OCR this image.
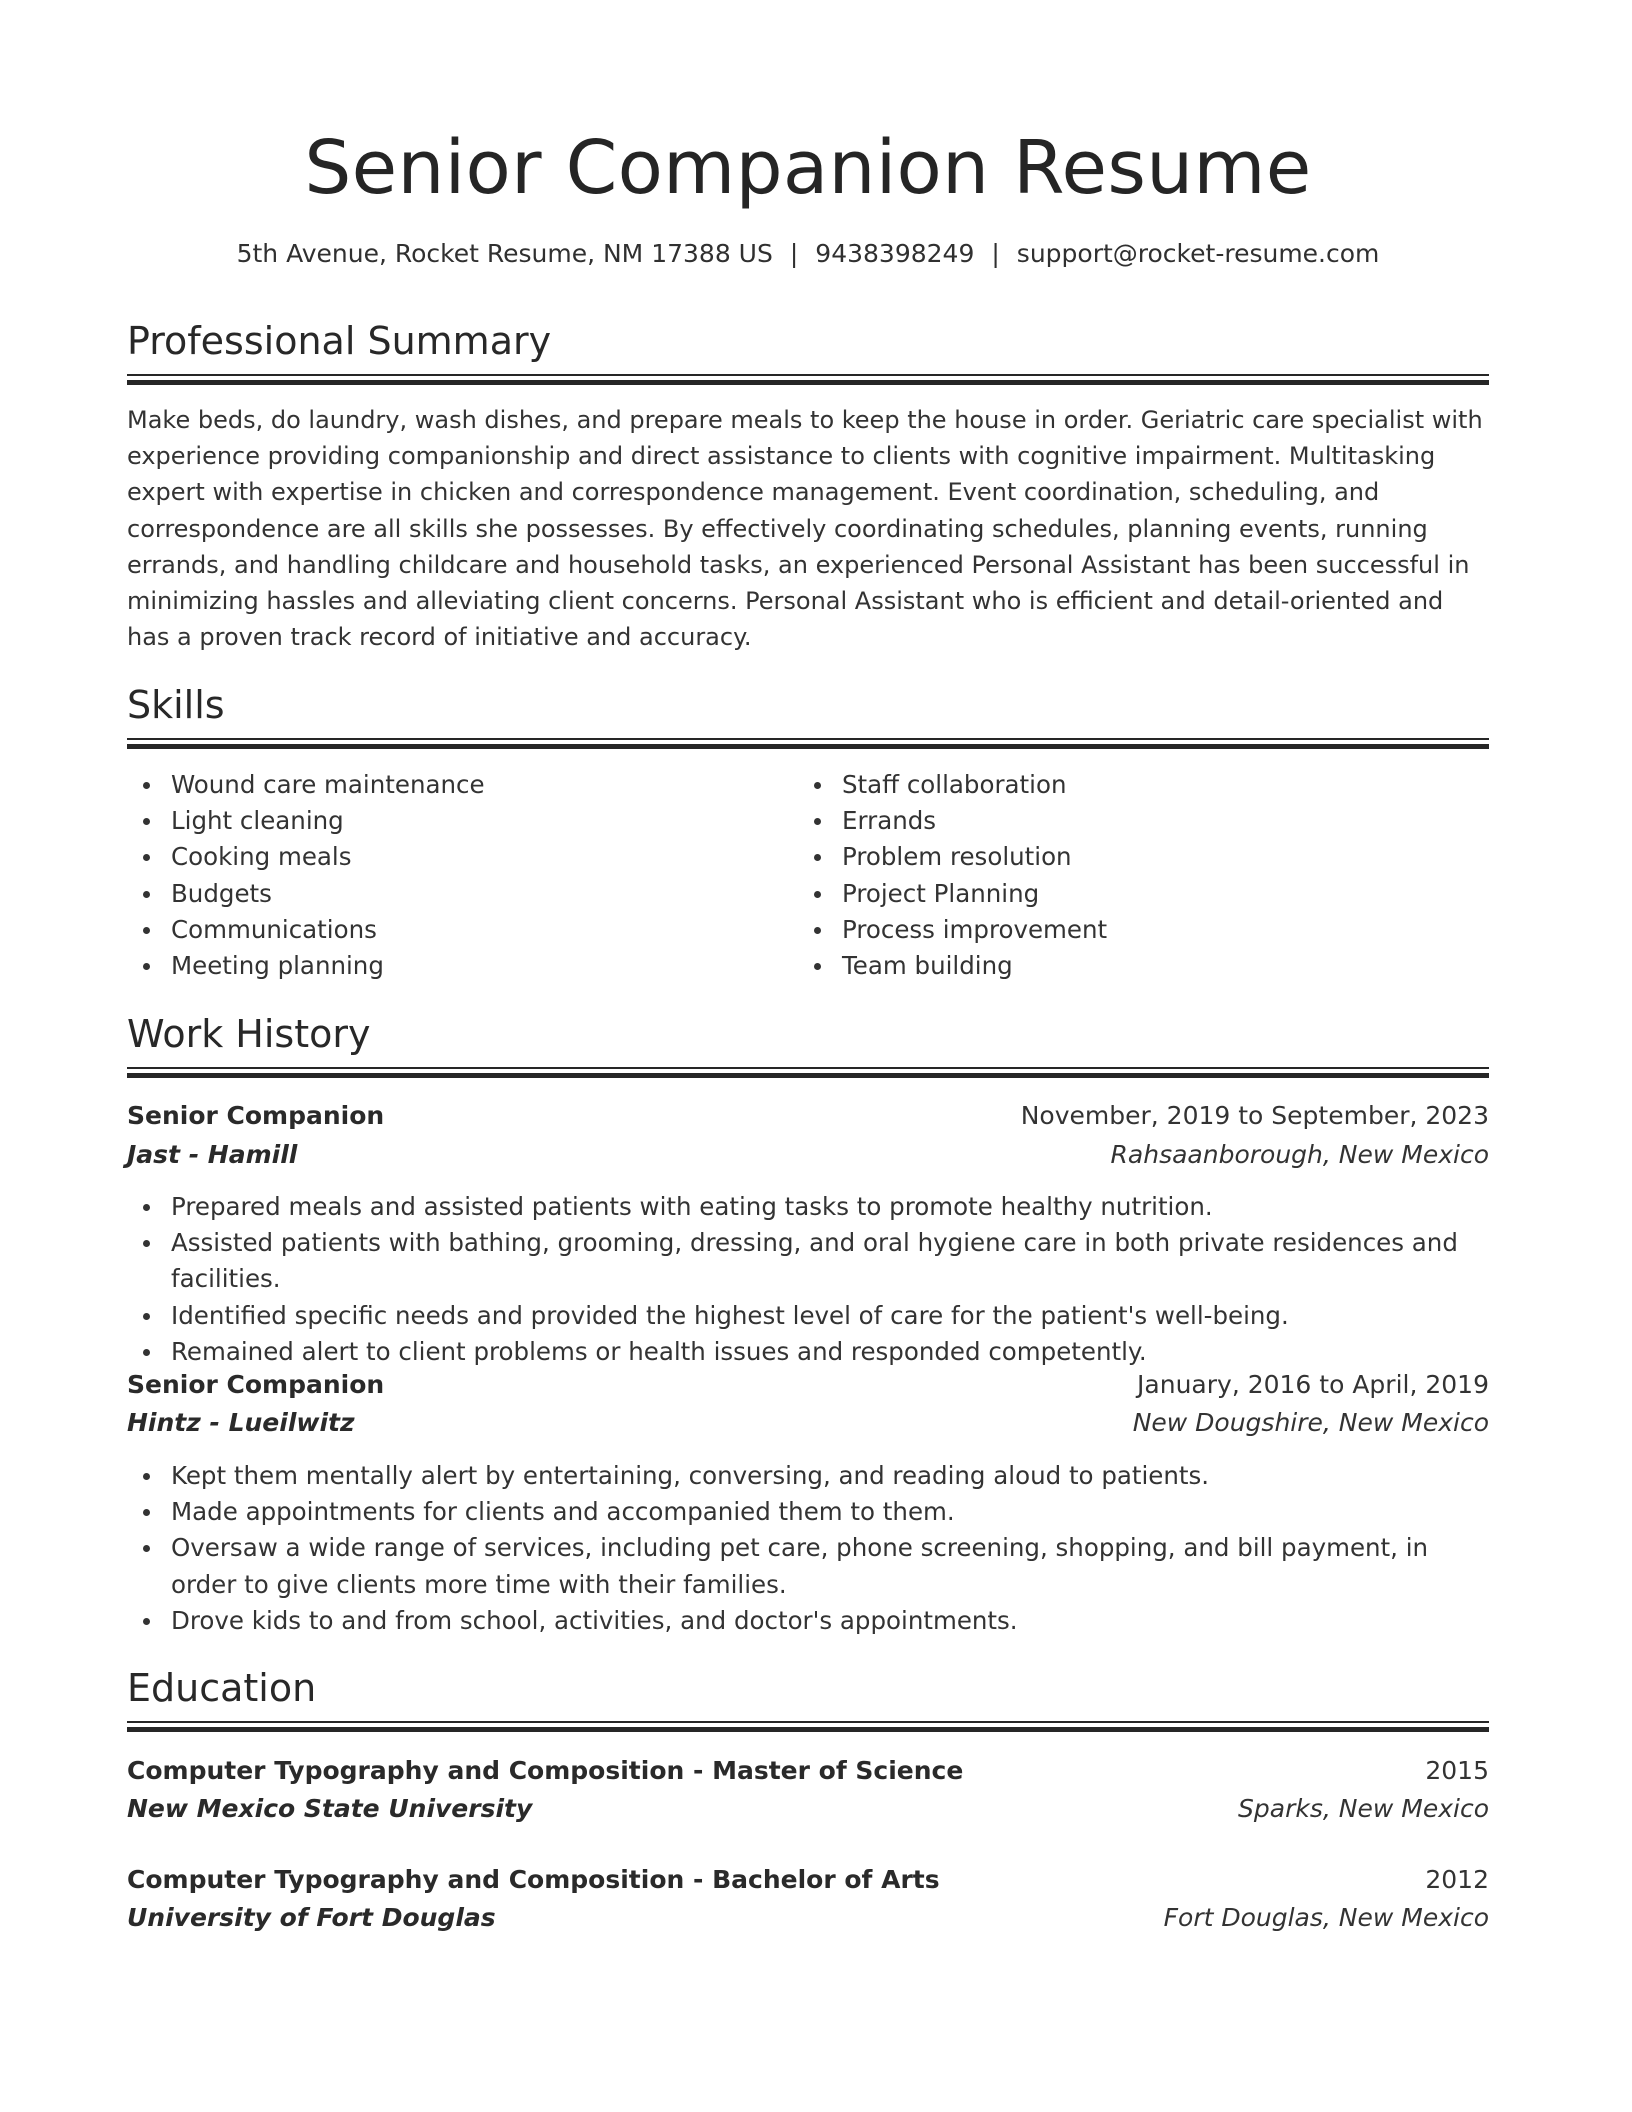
Senior Companion Resume
5th Avenue, Rocket Resume, NM 17388 US | 9438398249 | support@rocket-resume.com
Professional Summary
Make beds, do laundry, wash dishes, and prepare meals to keep the house in order. Geriatric care specialist with experience providing companionship and direct assistance to clients with cognitive impairment. Multitasking expert with expertise in chicken and correspondence management. Event coordination, scheduling, and correspondence are all skills she possesses. By effectively coordinating schedules, planning events, running errands, and handling childcare and household tasks, an experienced Personal Assistant has been successful in minimizing hassles and alleviating client concerns. Personal Assistant who is efficient and detail-oriented and has a proven track record of initiative and accuracy.
Skills
Wound care maintenance
Light cleaning
Cooking meals
Budgets
Communications
Meeting planning
Staff collaboration
Errands
Problem resolution
Project Planning
Process improvement
Team building
Work History
Senior Companion	November, 2019 to September, 2023
Jast - Hamill	Rahsaanborough, New Mexico
Prepared meals and assisted patients with eating tasks to promote healthy nutrition.
Assisted patients with bathing, grooming, dressing, and oral hygiene care in both private residences and facilities.
Identified specific needs and provided the highest level of care for the patient's well-being.
Remained alert to client problems or health issues and responded competently.
Senior Companion	January, 2016 to April, 2019
Hintz - Lueilwitz	New Dougshire, New Mexico
Kept them mentally alert by entertaining, conversing, and reading aloud to patients.
Made appointments for clients and accompanied them to them.
Oversaw a wide range of services, including pet care, phone screening, shopping, and bill payment, in order to give clients more time with their families.
Drove kids to and from school, activities, and doctor's appointments.
Education
Computer Typography and Composition - Master of Science	2015
New Mexico State University	Sparks, New Mexico
Computer Typography and Composition - Bachelor of Arts	2012
University of Fort Douglas	Fort Douglas, New Mexico
